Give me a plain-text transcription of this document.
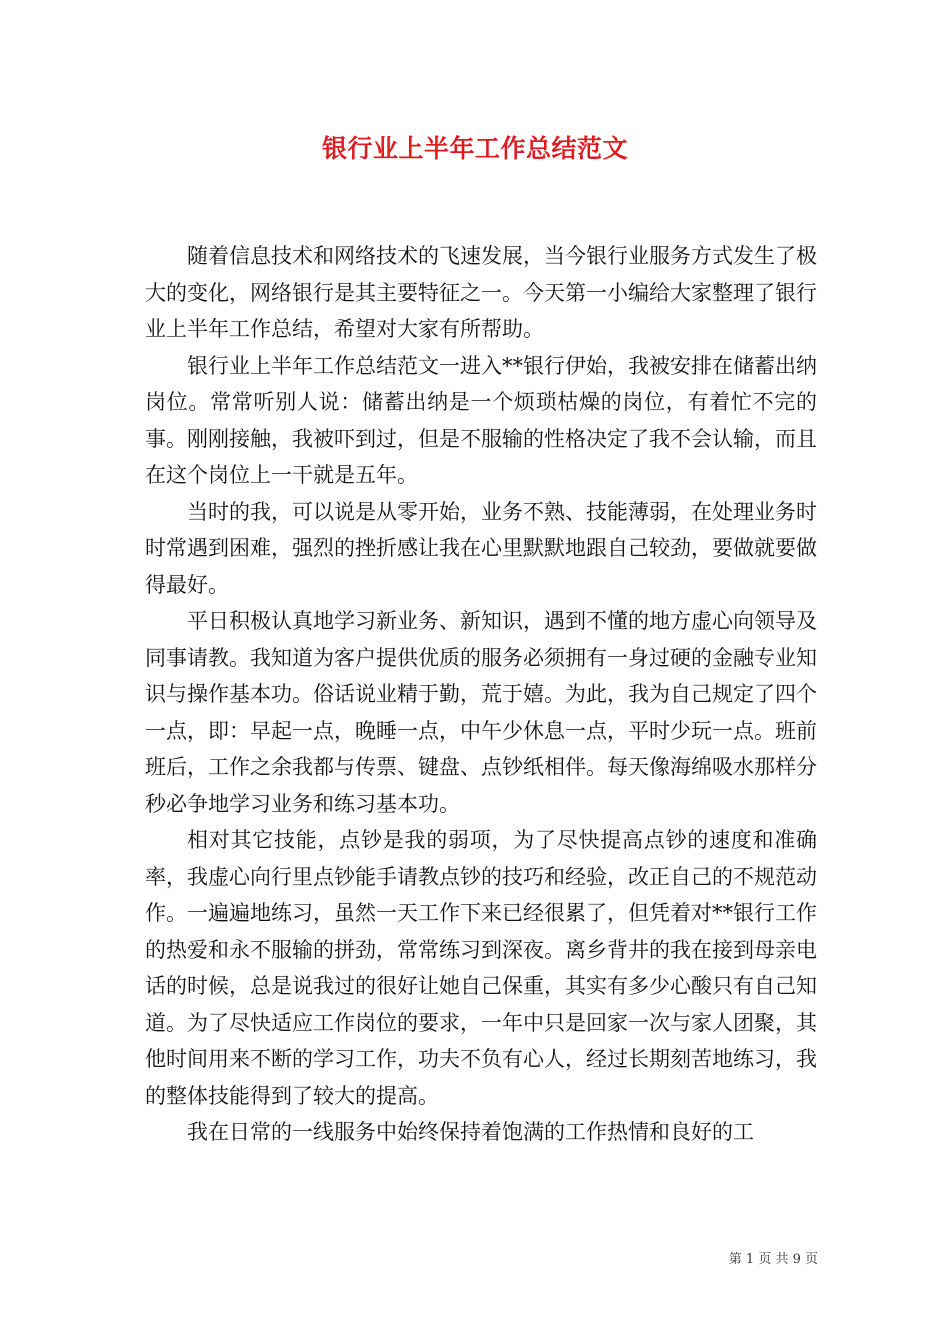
银行业上半年工作总结范文

随着信息技术和网络技术的飞速发展，当今银行业服务方式发生了极大的变化，网络银行是其主要特征之一。今天第一小编给大家整理了银行业上半年工作总结，希望对大家有所帮助。

银行业上半年工作总结范文一进入**银行伊始，我被安排在储蓄出纳岗位。常常听别人说：储蓄出纳是一个烦琐枯燥的岗位，有着忙不完的事。刚刚接触，我被吓到过，但是不服输的性格决定了我不会认输，而且在这个岗位上一干就是五年。

当时的我，可以说是从零开始，业务不熟、技能薄弱，在处理业务时时常遇到困难，强烈的挫折感让我在心里默默地跟自己较劲，要做就要做得最好。

平日积极认真地学习新业务、新知识，遇到不懂的地方虚心向领导及同事请教。我知道为客户提供优质的服务必须拥有一身过硬的金融专业知识与操作基本功。俗话说业精于勤，荒于嬉。为此，我为自己规定了四个一点，即：早起一点，晚睡一点，中午少休息一点，平时少玩一点。班前班后，工作之余我都与传票、键盘、点钞纸相伴。每天像海绵吸水那样分秒必争地学习业务和练习基本功。

相对其它技能，点钞是我的弱项，为了尽快提高点钞的速度和准确率，我虚心向行里点钞能手请教点钞的技巧和经验，改正自己的不规范动作。一遍遍地练习，虽然一天工作下来已经很累了，但凭着对**银行工作的热爱和永不服输的拼劲，常常练习到深夜。离乡背井的我在接到母亲电话的时候，总是说我过的很好让她自己保重，其实有多少心酸只有自己知道。为了尽快适应工作岗位的要求，一年中只是回家一次与家人团聚，其他时间用来不断的学习工作，功夫不负有心人，经过长期刻苦地练习，我的整体技能得到了较大的提高。

我在日常的一线服务中始终保持着饱满的工作热情和良好的工

第 1 页 共 9 页
